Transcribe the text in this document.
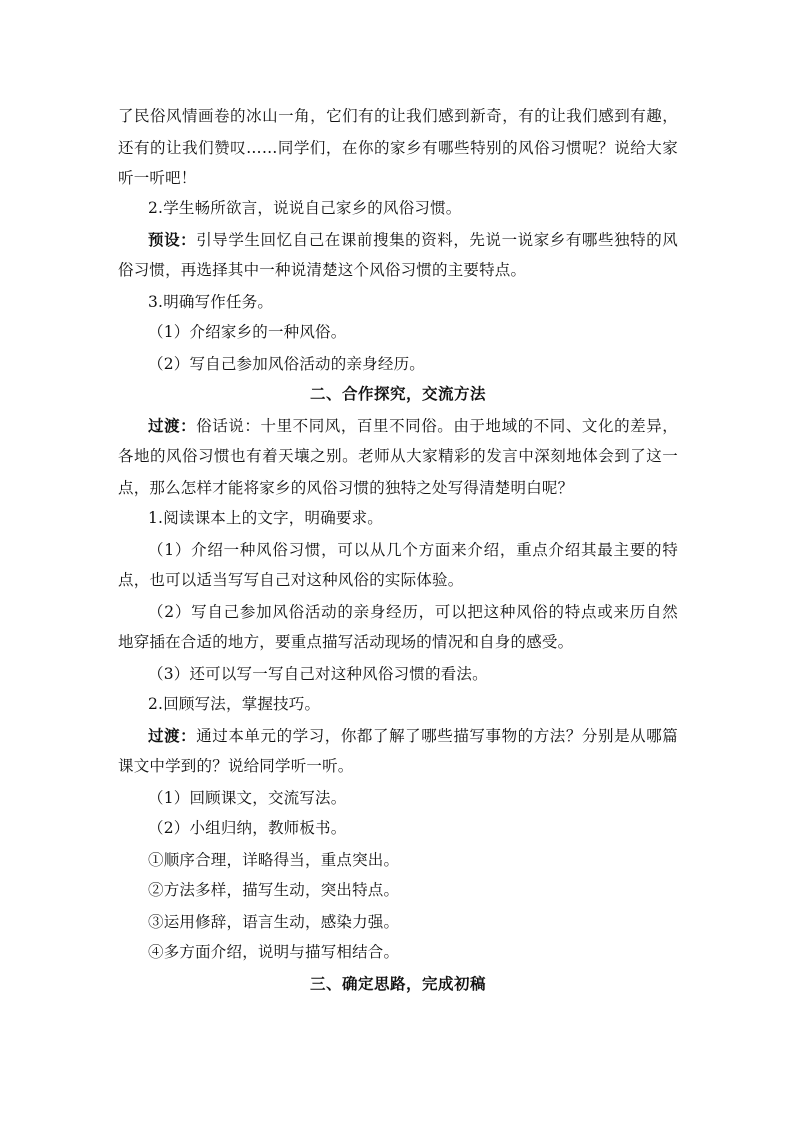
了民俗风情画卷的冰山一角，它们有的让我们感到新奇，有的让我们感到有趣，
还有的让我们赞叹……同学们，在你的家乡有哪些特别的风俗习惯呢？说给大家
听一听吧！
2.学生畅所欲言，说说自己家乡的风俗习惯。
预设：引导学生回忆自己在课前搜集的资料，先说一说家乡有哪些独特的风
俗习惯，再选择其中一种说清楚这个风俗习惯的主要特点。
3.明确写作任务。
（1）介绍家乡的一种风俗。
（2）写自己参加风俗活动的亲身经历。
二、合作探究，交流方法
过渡：俗话说：十里不同风，百里不同俗。由于地域的不同、文化的差异，
各地的风俗习惯也有着天壤之别。老师从大家精彩的发言中深刻地体会到了这一
点，那么怎样才能将家乡的风俗习惯的独特之处写得清楚明白呢？
1.阅读课本上的文字，明确要求。
（1）介绍一种风俗习惯，可以从几个方面来介绍，重点介绍其最主要的特
点，也可以适当写写自己对这种风俗的实际体验。
（2）写自己参加风俗活动的亲身经历，可以把这种风俗的特点或来历自然
地穿插在合适的地方，要重点描写活动现场的情况和自身的感受。
（3）还可以写一写自己对这种风俗习惯的看法。
2.回顾写法，掌握技巧。
过渡：通过本单元的学习，你都了解了哪些描写事物的方法？分别是从哪篇
课文中学到的？说给同学听一听。
（1）回顾课文，交流写法。
（2）小组归纳，教师板书。
①顺序合理，详略得当，重点突出。
②方法多样，描写生动，突出特点。
③运用修辞，语言生动，感染力强。
④多方面介绍，说明与描写相结合。
三、确定思路，完成初稿
